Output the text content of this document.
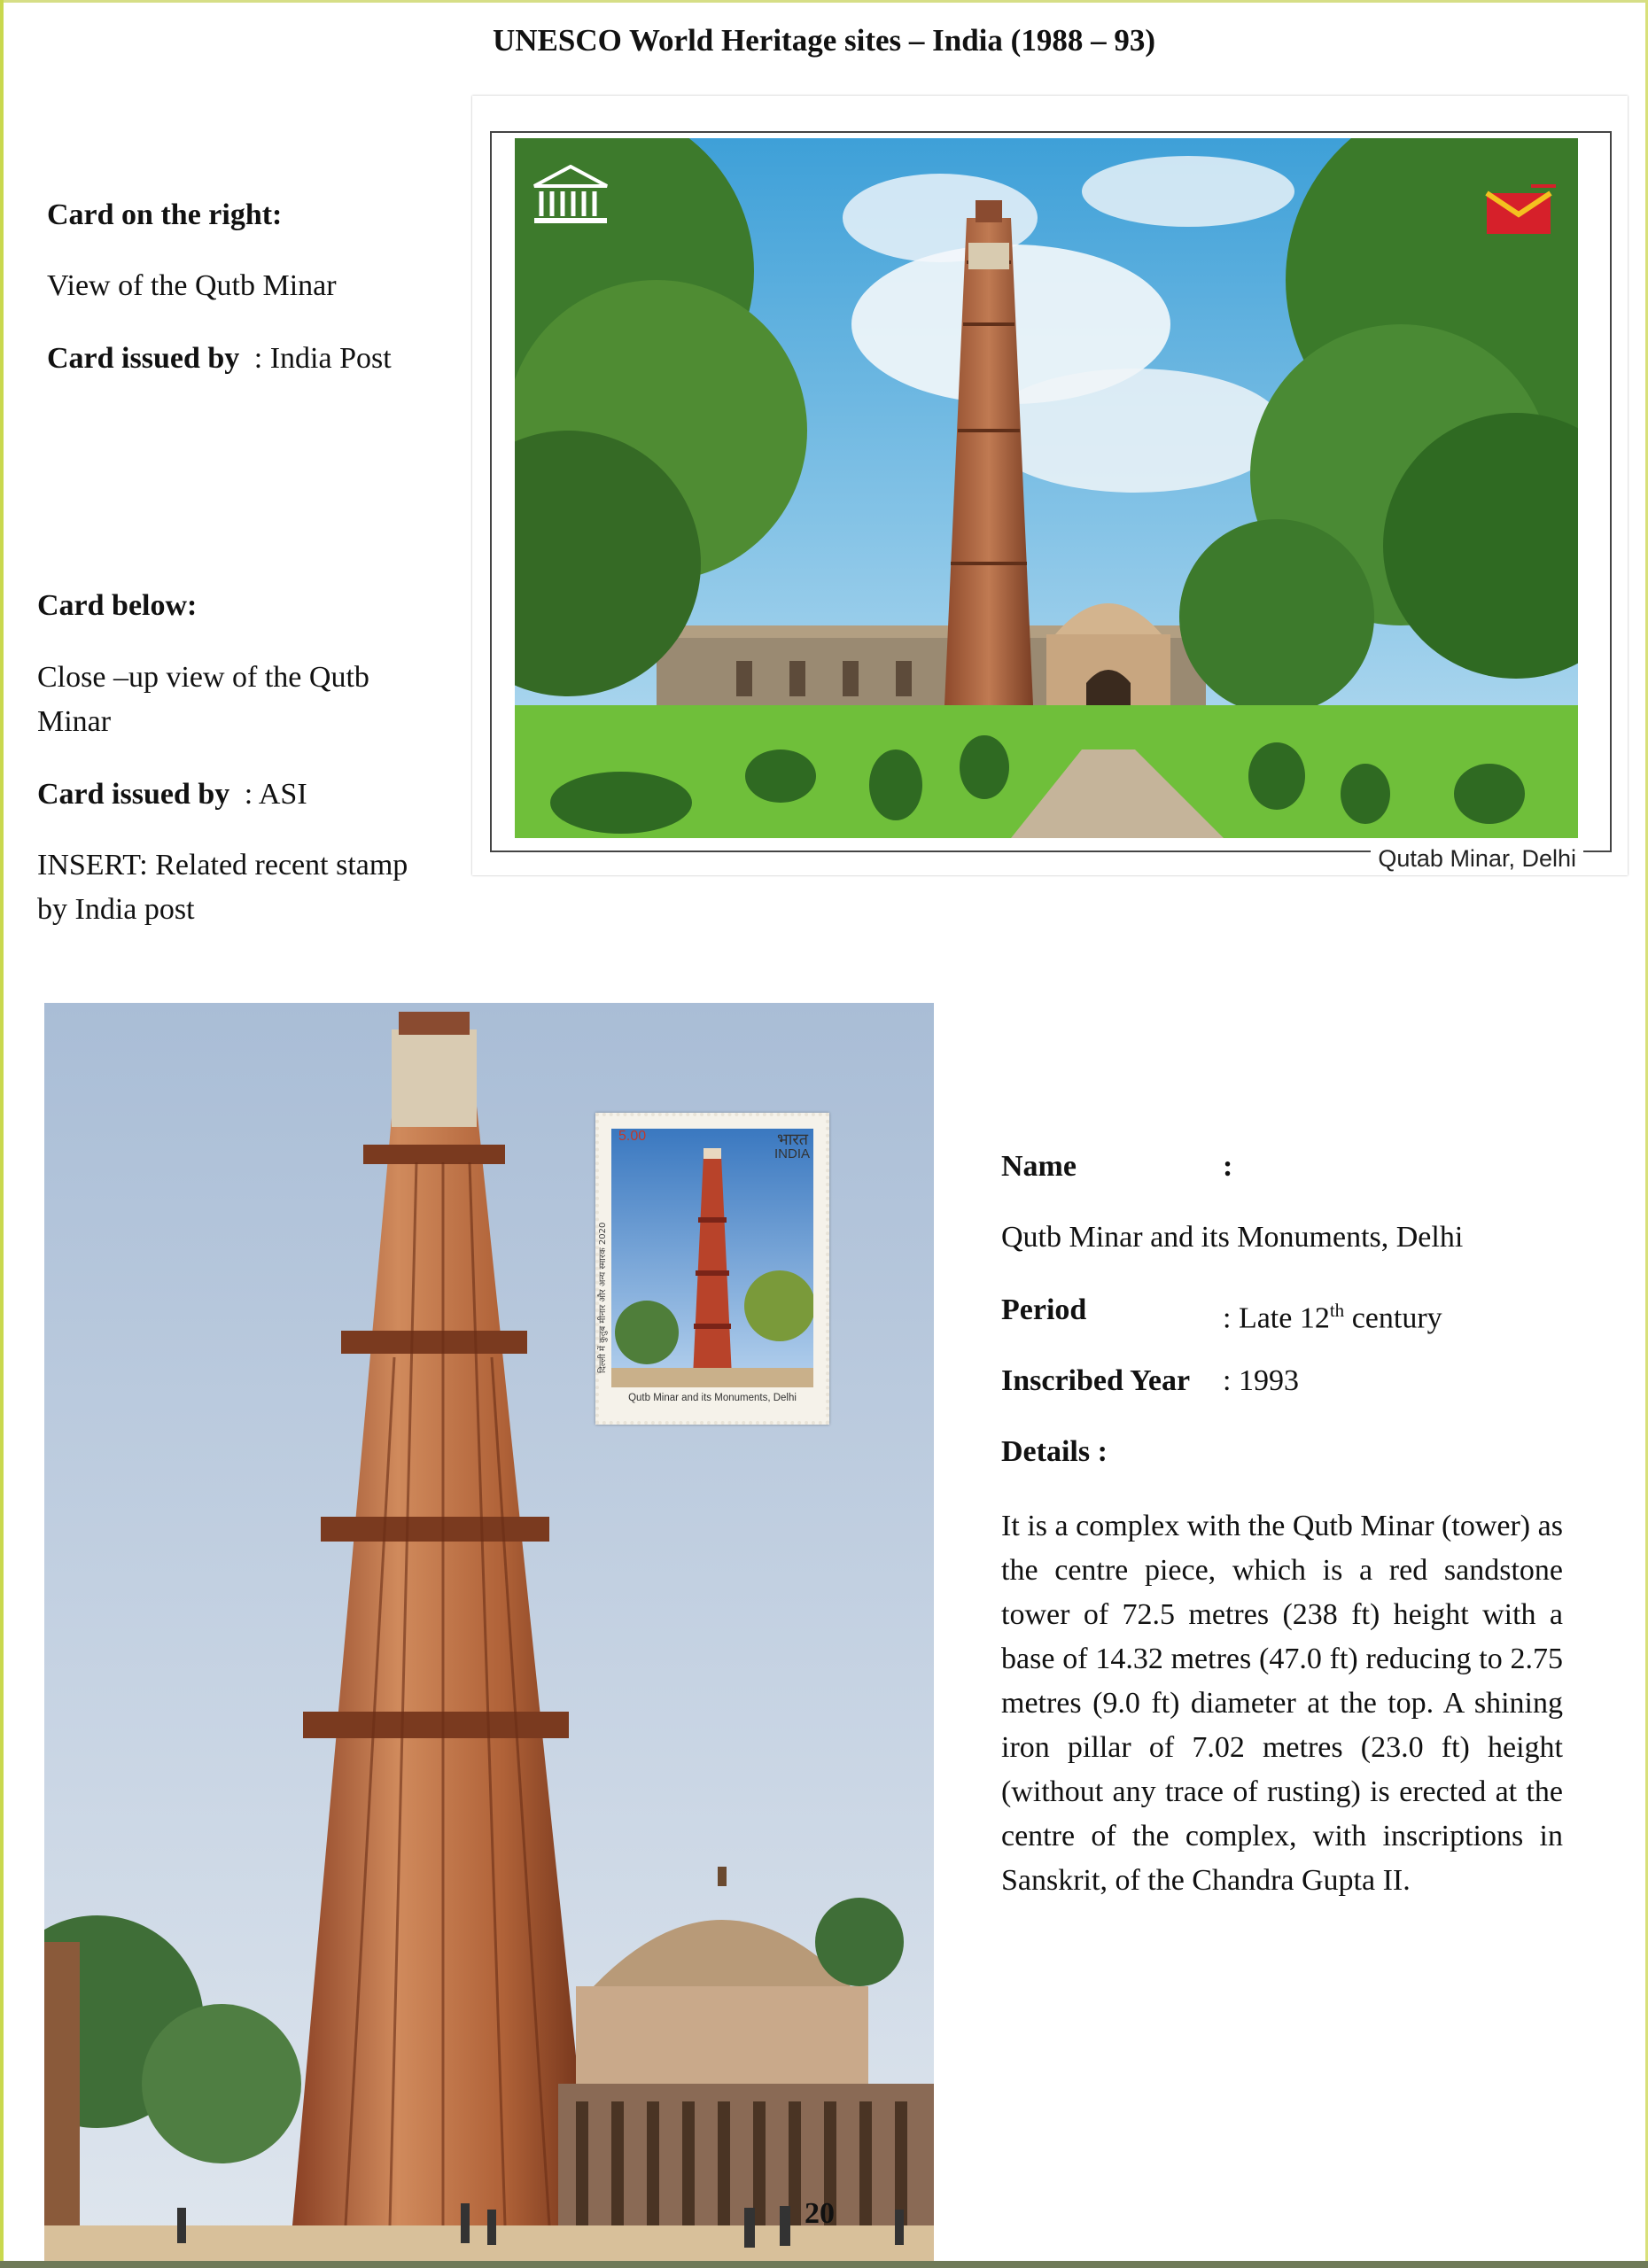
UNESCO World Heritage sites – India (1988 – 93)
Card on the right:
View of the Qutb Minar
Card issued by : India Post
Card below:
Close –up view of the Qutb
Minar
Card issued by : ASI
INSERT: Related recent stamp
by India post
Qutab Minar, Delhi
5.00	भारत
INDIA
दिल्ली में कुतुब मीनार और अन्य स्मारक 2020
Qutb Minar and its Monuments, Delhi
20
Name	:
Qutb Minar and its Monuments, Delhi
Period	: Late 12th century
Inscribed Year : 1993
Details :
It is a complex with the Qutb Minar (tower) as the centre piece, which is a red sandstone tower of 72.5 metres (238 ft) height with a base of 14.32 metres (47.0 ft) reducing to 2.75 metres (9.0 ft) diameter at the top. A shining iron pillar of 7.02 metres (23.0 ft) height (without any trace of rusting) is erected at the centre of the complex, with inscriptions in Sanskrit, of the Chandra Gupta II.
